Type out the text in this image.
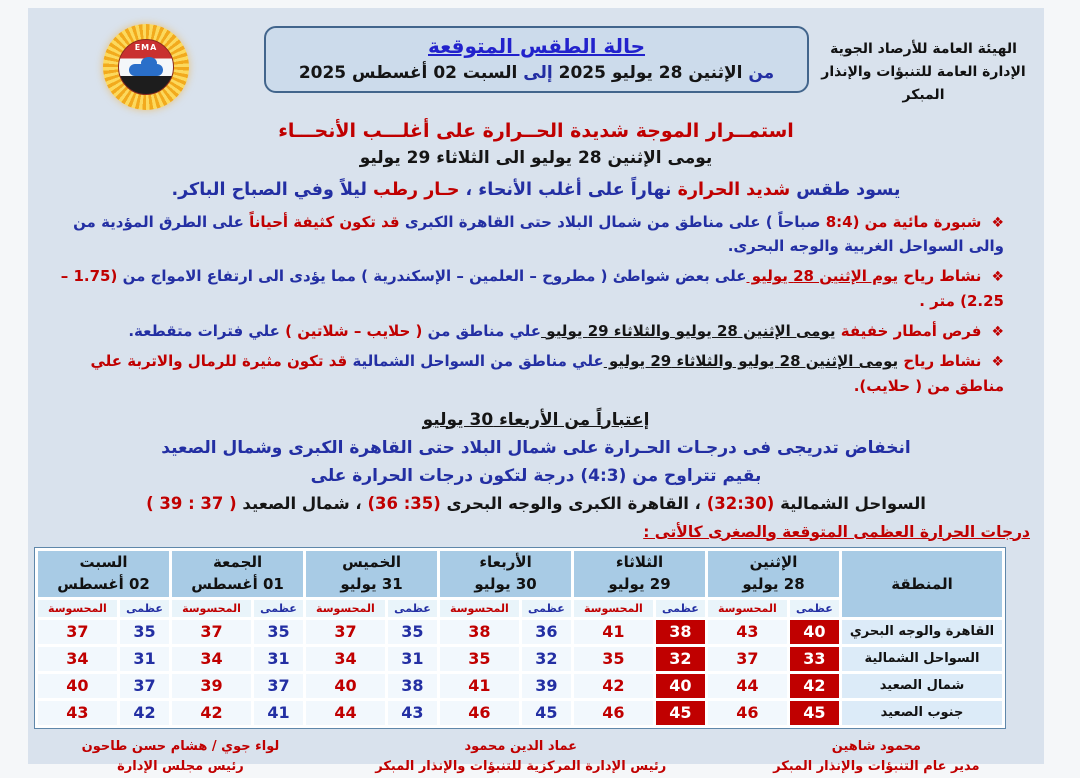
الهيئة العامة للأرصاد الجوية
الإدارة العامة للتنبؤات والإنذار المبكر
حالة الطقس المتوقعة
من الإثنين 28 يوليو 2025 إلى السبت 02 أغسطس 2025
EMA
استمــرار الموجة شديدة الحــرارة على أغلـــب الأنحـــاء
يومى الإثنين 28 يوليو الى الثلاثاء 29 يوليو
يسود طقس شديد الحرارة نهاراً على أغلب الأنحاء ، حـار رطب ليلاً وفي الصباح الباكر.
❖شبورة مائية من (8:4 صباحاً ) على مناطق من شمال البلاد حتى القاهرة الكبرى قد تكون كثيفة أحياناً على الطرق المؤدية من والى السواحل الغربية والوجه البحرى.
❖نشاط رياح يوم الإثنين 28 يوليو على بعض شواطئ ( مطروح – العلمين – الإسكندرية ) مما يؤدى الى ارتفاع الامواج من (1.75 – 2.25) متر .
❖فرص أمطار خفيفة يومى الإثنين 28 يوليو والثلاثاء 29 يوليو علي مناطق من ( حلايب – شلاتين ) علي فترات متقطعة.
❖نشاط رياح يومى الإثنين 28 يوليو والثلاثاء 29 يوليو علي مناطق من السواحل الشمالية قد تكون مثيرة للرمال والاتربة علي مناطق من ( حلايب).
إعتباراً من الأربعاء 30 يوليو
انخفاض تدريجى فى درجـات الحـرارة على شمال البلاد حتى القاهرة الكبرى وشمال الصعيد
بقيم تتراوح من (4:3) درجة لتكون درجات الحرارة على
السواحل الشمالية (32:30) ، القاهرة الكبرى والوجه البحرى (35: 36) ، شمال الصعيد ( 37 : 39 )
درجات الحرارة العظمى المتوقعة والصغرى كالأتى :
المنطقة	
الإثنين
28 يوليو

الثلاثاء
29 يوليو

الأربعاء
30 يوليو

الخميس
31 يوليو

الجمعة
01 أغسطس

السبت
02 أغسطس

	عظمى	المحسوسة	عظمى	المحسوسة	عظمى	المحسوسة	عظمى	المحسوسة	عظمى	المحسوسة	عظمى	المحسوسة
القاهرة والوجه البحري	40	43	38	41	36	38	35	37	35	37	35	37
السواحل الشمالية	33	37	32	35	32	35	31	34	31	34	31	34
شمال الصعيد	42	44	40	42	39	41	38	40	37	39	37	40
جنوب الصعيد	45	46	45	46	45	46	43	44	41	42	42	43
محمود شاهين
مدير عام التنبؤات والإنذار المبكر
عماد الدين محمود
رئيس الإدارة المركزية للتنبؤات والإنذار المبكر
لواء جوي / هشام حسن طاحون
رئيس مجلس الإدارة
